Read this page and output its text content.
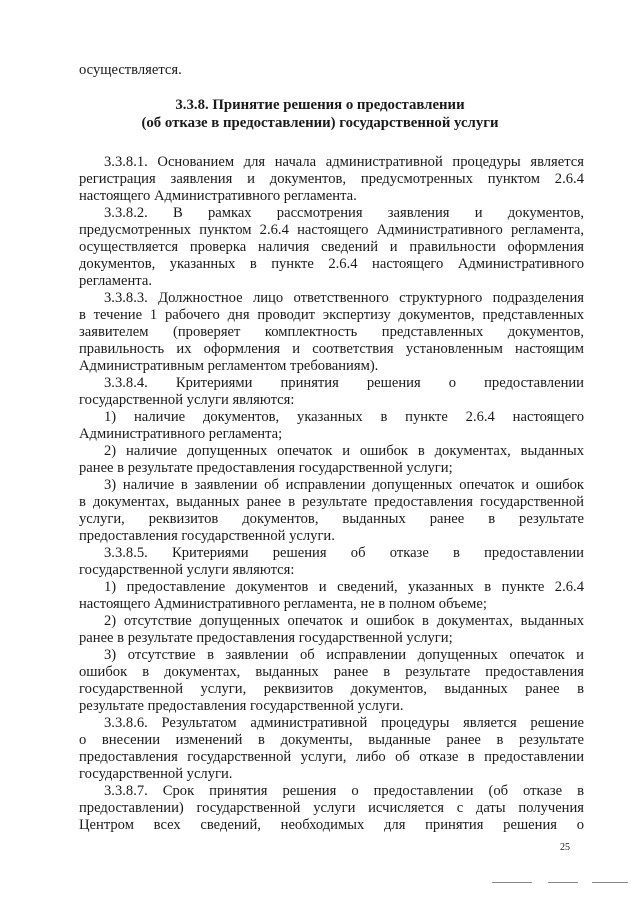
осуществляется.
3.3.8. Принятие решения о предоставлении
(об отказе в предоставлении) государственной услуги
3.3.8.1. Основанием для начала административной процедуры является
регистрация заявления и документов, предусмотренных пунктом 2.6.4
настоящего Административного регламента.
3.3.8.2. В рамках рассмотрения заявления и документов,
предусмотренных пунктом 2.6.4 настоящего Административного регламента,
осуществляется проверка наличия сведений и правильности оформления
документов, указанных в пункте 2.6.4 настоящего Административного
регламента.
3.3.8.3. Должностное лицо ответственного структурного подразделения
в течение 1 рабочего дня проводит экспертизу документов, представленных
заявителем (проверяет комплектность представленных документов,
правильность их оформления и соответствия установленным настоящим
Административным регламентом требованиям).
3.3.8.4. Критериями принятия решения о предоставлении
государственной услуги являются:
1) наличие документов, указанных в пункте 2.6.4 настоящего
Административного регламента;
2) наличие допущенных опечаток и ошибок в документах, выданных
ранее в результате предоставления государственной услуги;
3) наличие в заявлении об исправлении допущенных опечаток и ошибок
в документах, выданных ранее в результате предоставления государственной
услуги, реквизитов документов, выданных ранее в результате
предоставления государственной услуги.
3.3.8.5. Критериями решения об отказе в предоставлении
государственной услуги являются:
1) предоставление документов и сведений, указанных в пункте 2.6.4
настоящего Административного регламента, не в полном объеме;
2) отсутствие допущенных опечаток и ошибок в документах, выданных
ранее в результате предоставления государственной услуги;
3) отсутствие в заявлении об исправлении допущенных опечаток и
ошибок в документах, выданных ранее в результате предоставления
государственной услуги, реквизитов документов, выданных ранее в
результате предоставления государственной услуги.
3.3.8.6. Результатом административной процедуры является решение
о внесении изменений в документы, выданные ранее в результате
предоставления государственной услуги, либо об отказе в предоставлении
государственной услуги.
3.3.8.7. Срок принятия решения о предоставлении (об отказе в
предоставлении) государственной услуги исчисляется с даты получения
Центром всех сведений, необходимых для принятия решения о
25
